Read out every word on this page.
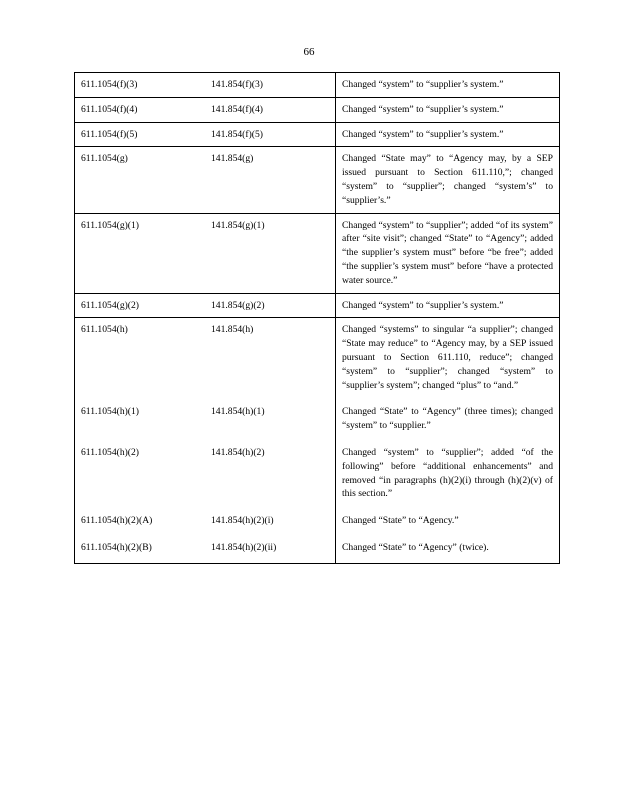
66
611.1054(f)(3)	141.854(f)(3)	Changed “system” to “supplier’s system.”
611.1054(f)(4)	141.854(f)(4)	Changed “system” to “supplier’s system.”
611.1054(f)(5)	141.854(f)(5)	Changed “system” to “supplier’s system.”
611.1054(g)	141.854(g)	Changed “State may” to “Agency may, by a SEP issued pursuant to Section 611.110,”; changed “system” to “supplier”; changed “system’s” to “supplier’s.”
611.1054(g)(1)	141.854(g)(1)	Changed “system” to “supplier”; added “of its system” after “site visit”; changed “State” to “Agency”; added “the supplier’s system must” before “be free”; added “the supplier’s system must” before “have a protected water source.”
611.1054(g)(2)	141.854(g)(2)	Changed “system” to “supplier’s system.”
611.1054(h)	141.854(h)	Changed “systems” to singular “a supplier”; changed “State may reduce” to “Agency may, by a SEP issued pursuant to Section 611.110, reduce”; changed “system” to “supplier”; changed “system” to “supplier’s system”; changed “plus” to “and.”
611.1054(h)(1)	141.854(h)(1)	Changed “State” to “Agency” (three times); changed “system” to “supplier.”
611.1054(h)(2)	141.854(h)(2)	Changed “system” to “supplier”; added “of the following” before “additional enhancements” and removed “in paragraphs (h)(2)(i) through (h)(2)(v) of this section.”
611.1054(h)(2)(A)	141.854(h)(2)(i)	Changed “State” to “Agency.”
611.1054(h)(2)(B)	141.854(h)(2)(ii)	Changed “State” to “Agency” (twice).
